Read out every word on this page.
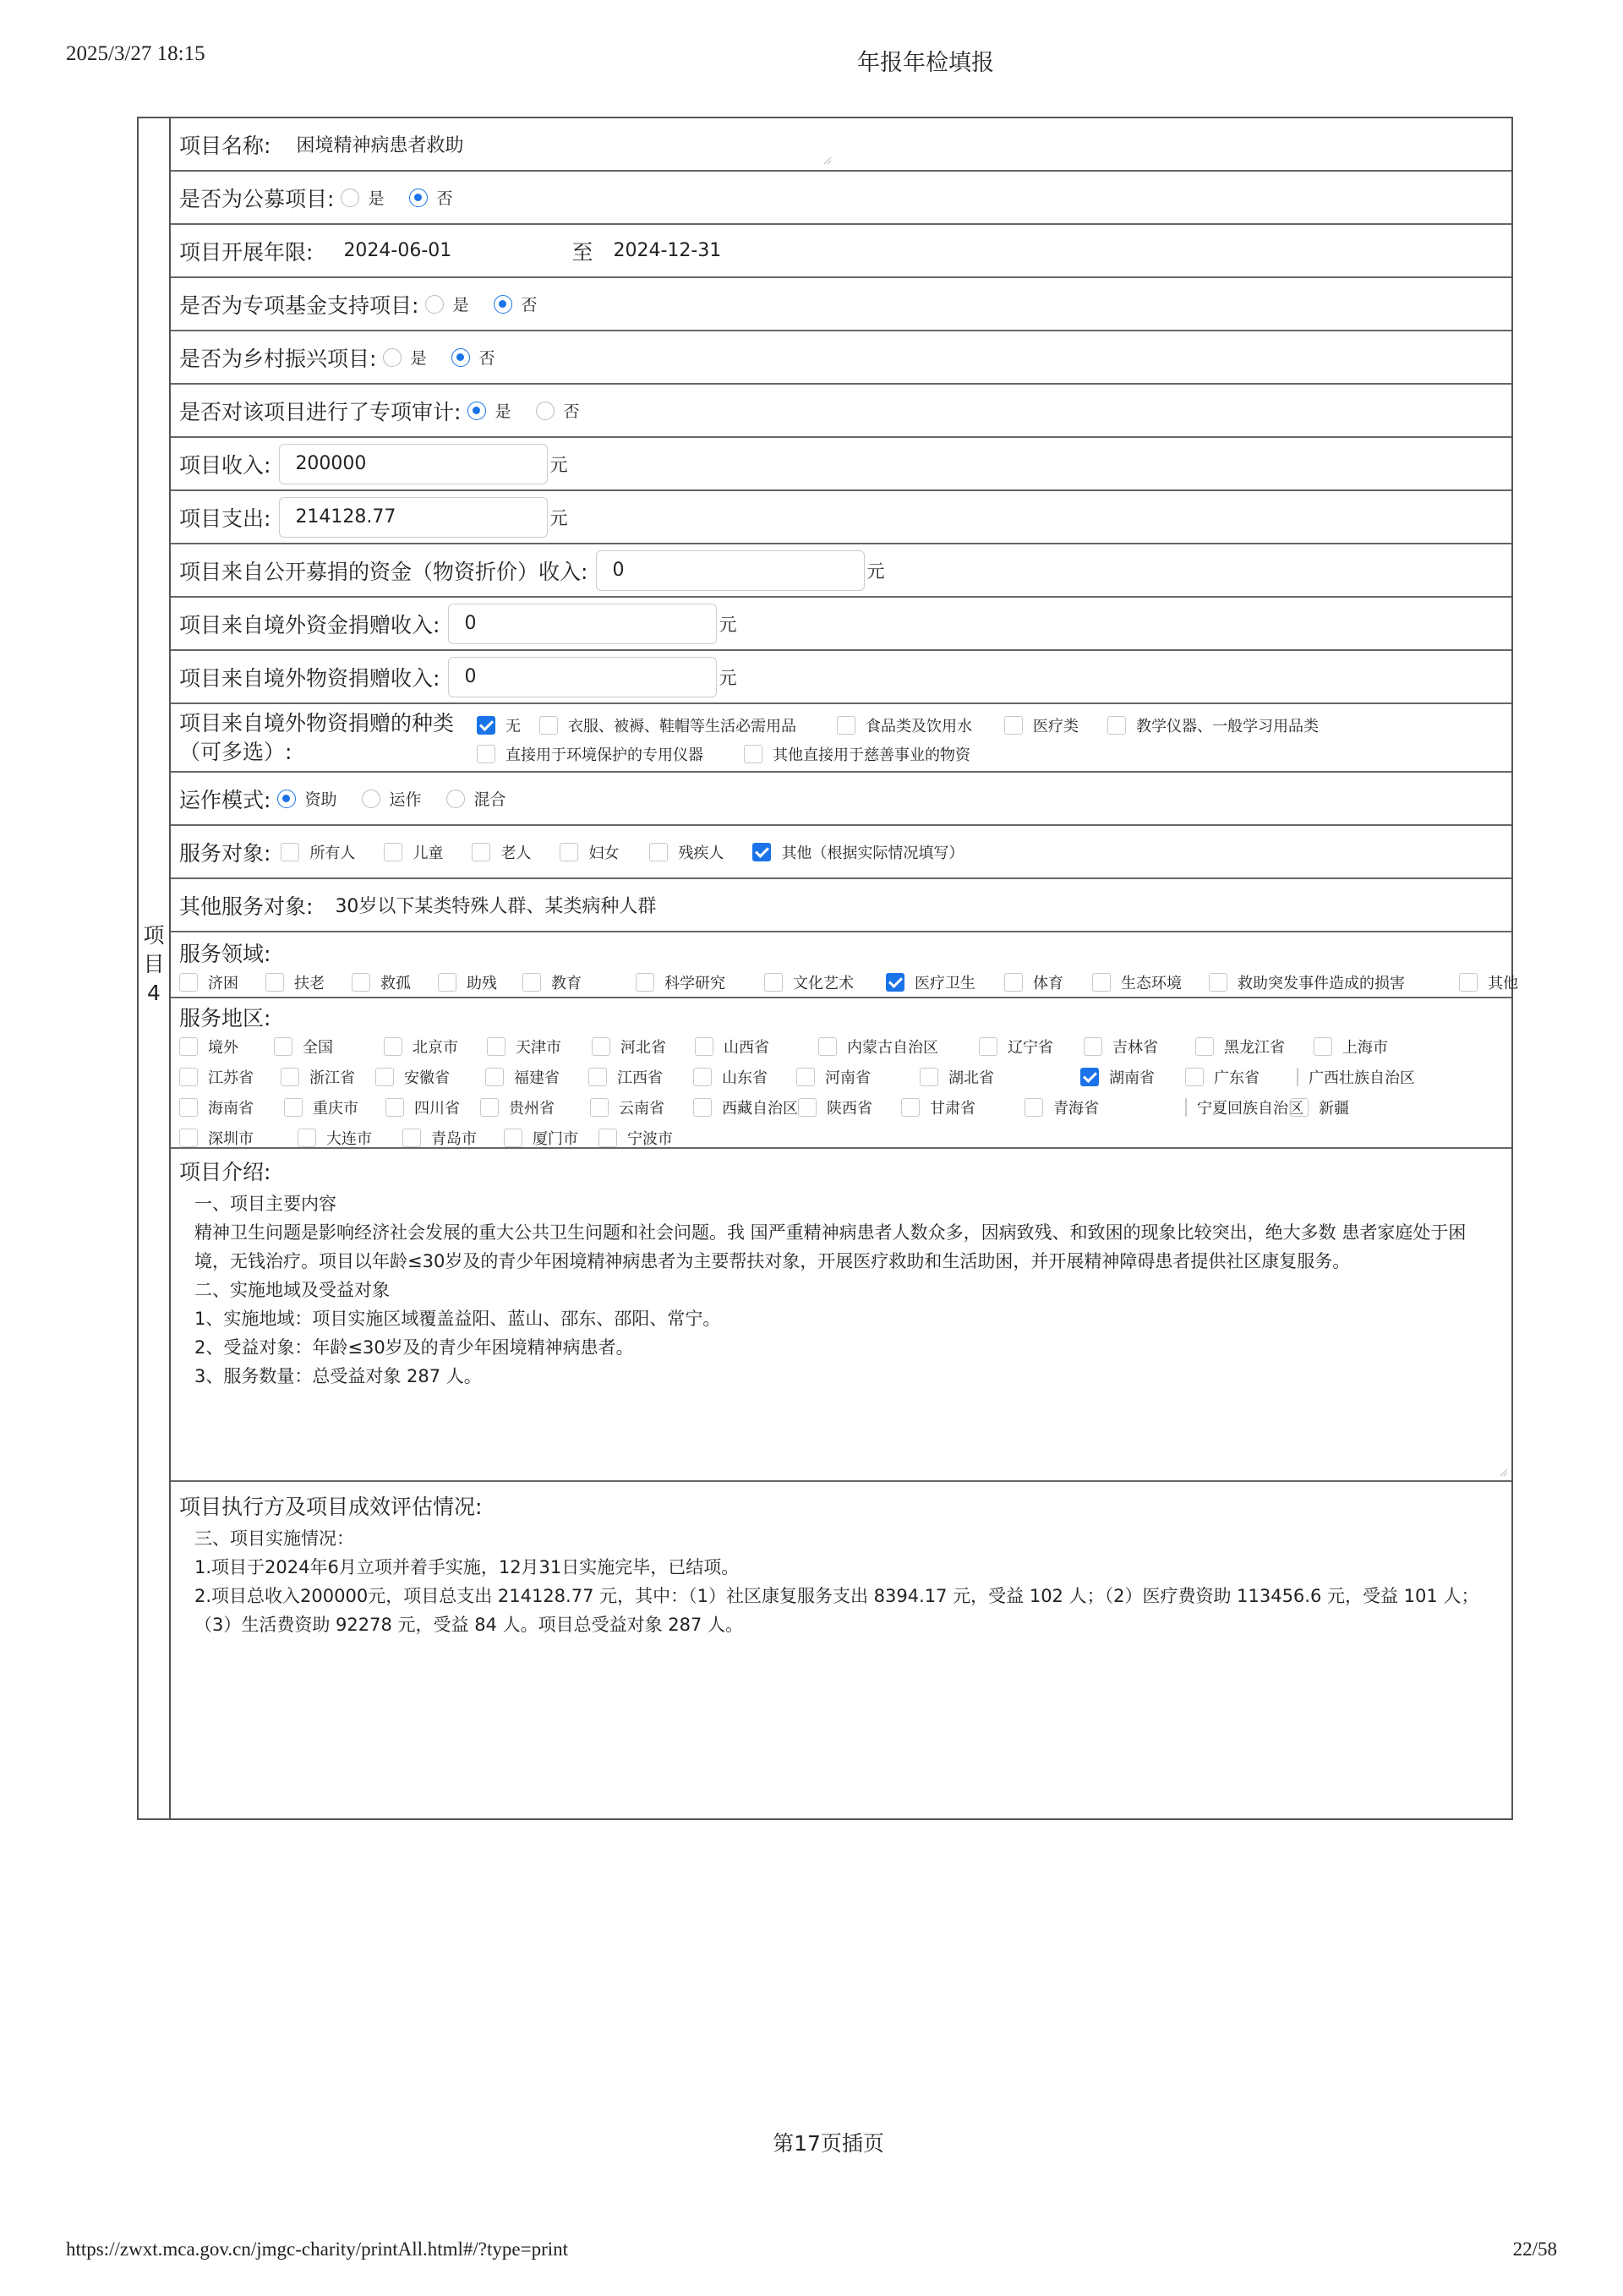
2025/3/27 18:15	年报年检填报
项
目
4
项目名称: 困境精神病患者救助
是否为公募项目: 是	否
项目开展年限: 2024-06-01	至 2024-12-31
是否为专项基金支持项目: 是	否
是否为乡村振兴项目: 是	否
是否对该项目进行了专项审计: 是	否
项目收入:	200000	元
项目支出:	214128.77	元
项目来自公开募捐的资金（物资折价）收入:	0	元
项目来自境外资金捐赠收入:	0	元
项目来自境外物资捐赠收入:	0	元
项目来自境外物资捐赠的种类
（可多选）:
无	衣服、被褥、鞋帽等生活必需用品	食品类及饮用水	医疗类	教学仪器、一般学习用品类
直接用于环境保护的专用仪器	其他直接用于慈善事业的物资
运作模式: 资助	运作	混合
服务对象:	所有人	儿童	老人	妇女	残疾人	其他（根据实际情况填写）
其他服务对象: 30岁以下某类特殊人群、某类病种人群
服务领域:
济困	扶老	救孤	助残	教育	科学研究	文化艺术	医疗卫生	体育	生态环境	救助突发事件造成的损害	其他
服务地区:
境外	全国	北京市	天津市	河北省	山西省	内蒙古自治区	辽宁省	吉林省	黑龙江省	上海市
江苏省	浙江省	安徽省	福建省	江西省	山东省	河南省	湖北省	湖南省	广东省	广西壮族自治区
海南省	重庆市	四川省	贵州省	云南省	西藏自治区 陕西省	甘肃省	青海省	宁夏回族自治区 新疆
深圳市	大连市	青岛市	厦门市	宁波市
项目介绍:
一、项目主要内容
精神卫生问题是影响经济社会发展的重大公共卫生问题和社会问题。我 国严重精神病患者人数众多，因病致残、和致困的现象比较突出，绝大多数 患者家庭处于困境，无钱治疗。项目以年龄≤30岁及的青少年困境精神病患者为主要帮扶对象，开展医疗救助和生活助困，并开展精神障碍患者提供社区康复服务。
二、实施地域及受益对象
1、实施地域：项目实施区域覆盖益阳、蓝山、邵东、邵阳、常宁。
2、受益对象：年龄≤30岁及的青少年困境精神病患者。
3、服务数量：总受益对象 287 人。
项目执行方及项目成效评估情况:
三、项目实施情况：
1.项目于2024年6月立项并着手实施，12月31日实施完毕，已结项。
2.项目总收入200000元，项目总支出 214128.77 元，其中：（1）社区康复服务支出 8394.17 元，受益 102 人；（2）医疗费资助 113456.6 元，受益 101 人；（3）生活费资助 92278 元，受益 84 人。项目总受益对象 287 人。
第17页插页
https://zwxt.mca.gov.cn/jmgc-charity/printAll.html#/?type=print	22/58
